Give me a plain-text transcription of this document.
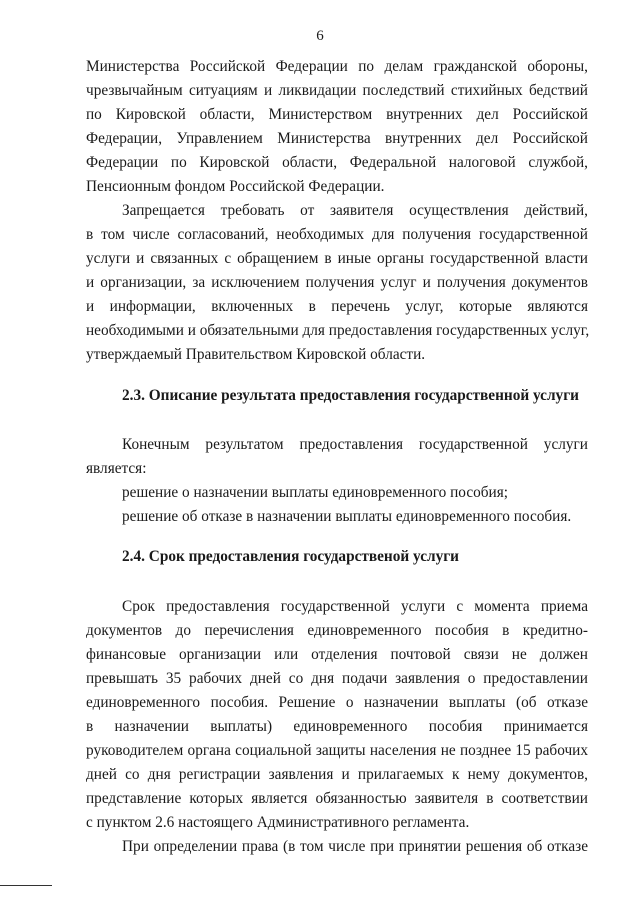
6
Министерства Российской Федерации по делам гражданской обороны,
чрезвычайным ситуациям и ликвидации последствий стихийных бедствий
по Кировской области, Министерством внутренних дел Российской
Федерации, Управлением Министерства внутренних дел Российской
Федерации по Кировской области, Федеральной налоговой службой,
Пенсионным фондом Российской Федерации.
Запрещается требовать от заявителя осуществления действий,
в том числе согласований, необходимых для получения государственной
услуги и связанных с обращением в иные органы государственной власти
и организации, за исключением получения услуг и получения документов
и информации, включенных в перечень услуг, которые являются
необходимыми и обязательными для предоставления государственных услуг,
утверждаемый Правительством Кировской области.
2.3. Описание результата предоставления государственной услуги
Конечным результатом предоставления государственной услуги
является:
решение о назначении выплаты единовременного пособия;
решение об отказе в назначении выплаты единовременного пособия.
2.4. Срок предоставления государственой услуги
Срок предоставления государственной услуги с момента приема
документов до перечисления единовременного пособия в кредитно-
финансовые организации или отделения почтовой связи не должен
превышать 35 рабочих дней со дня подачи заявления о предоставлении
единовременного пособия. Решение о назначении выплаты (об отказе
в назначении выплаты) единовременного пособия принимается
руководителем органа социальной защиты населения не позднее 15 рабочих
дней со дня регистрации заявления и прилагаемых к нему документов,
представление которых является обязанностью заявителя в соответствии
с пунктом 2.6 настоящего Административного регламента.
При определении права (в том числе при принятии решения об отказе
